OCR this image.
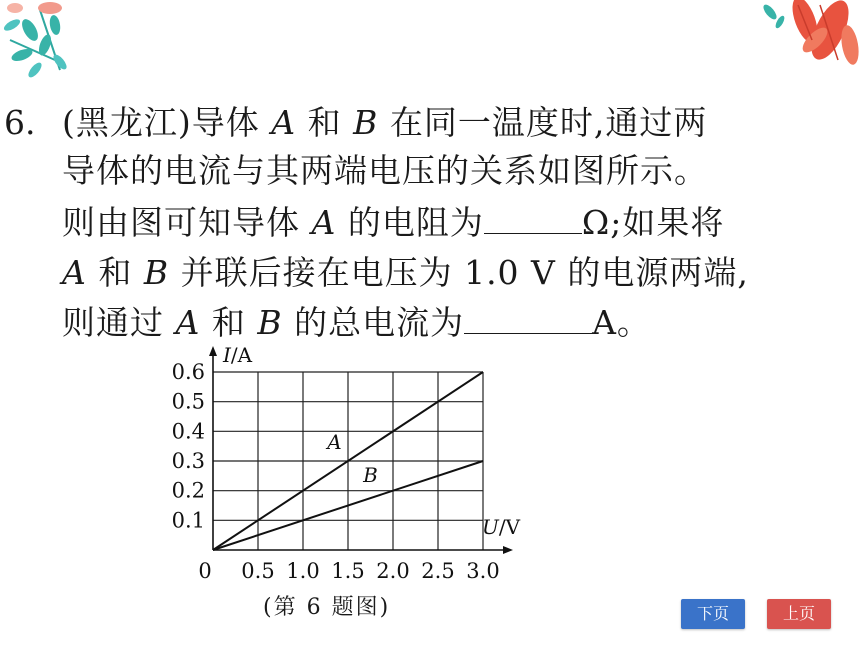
6. (黑龙江)导体 A 和 B 在同一温度时,通过两
导体的电流与其两端电压的关系如图所示。
则由图可知导体 A 的电阻为	Ω;如果将
A 和 B 并联后接在电压为 1.0 V 的电源两端,
则通过 A 和 B 的总电流为	A。
0 0.5 1.0 1.5 2.0 2.5 3.0
0.1
0.2
0.3
0.4
0.5
0.6
I/A
U/V
A
B
(第 6 题图)	下页	上页
